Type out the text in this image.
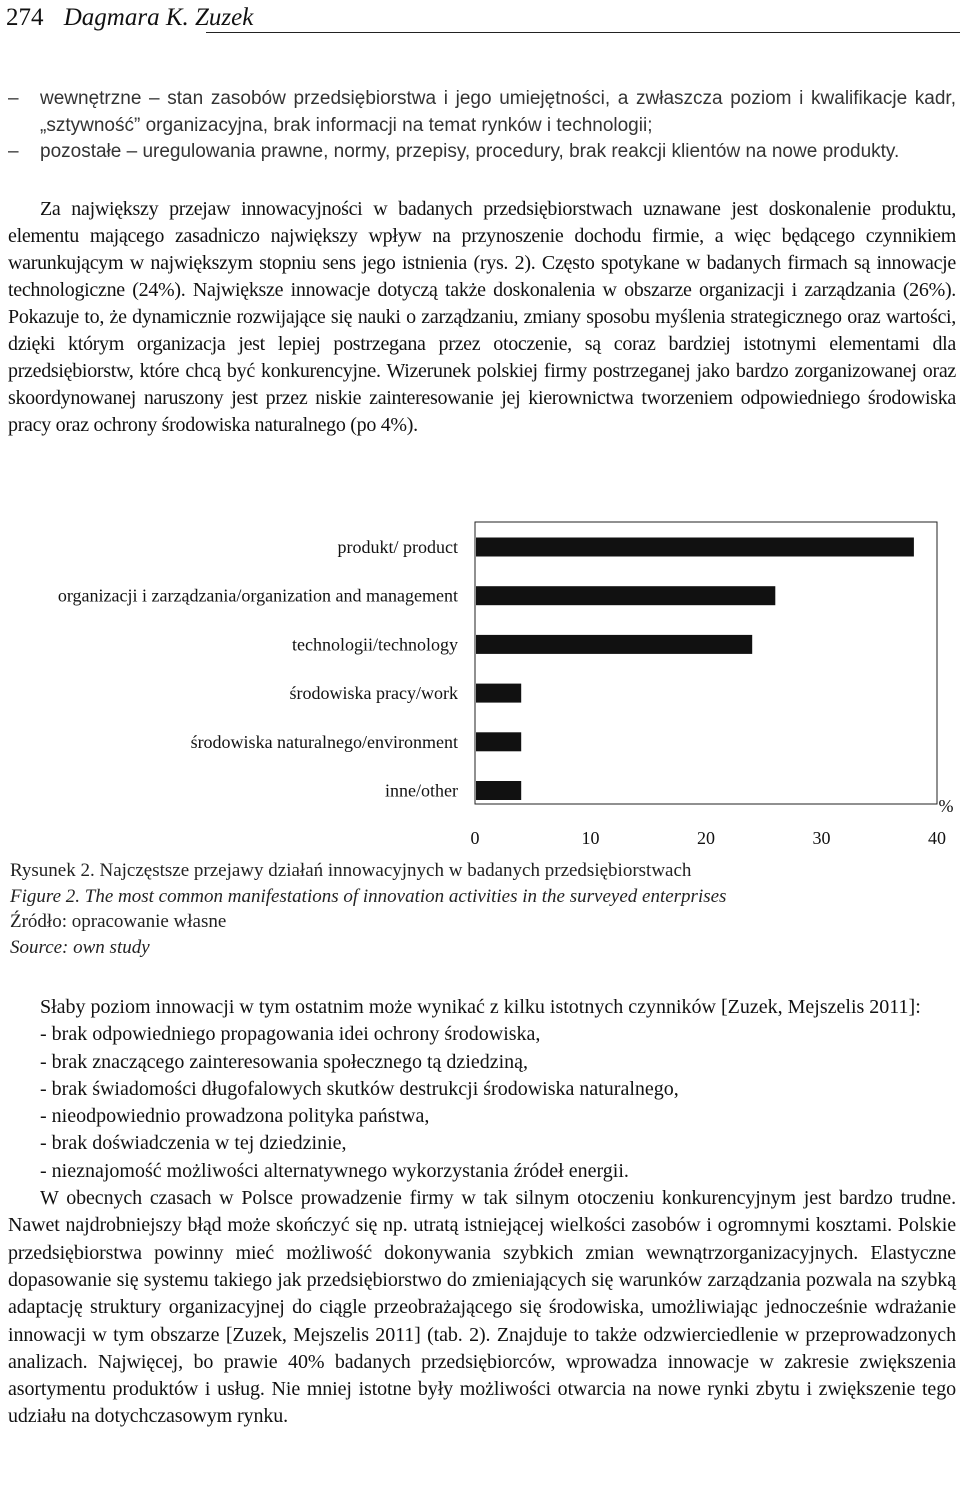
274 Dagmara K. Zuzek
– wewnętrzne – stan zasobów przedsiębiorstwa i jego umiejętności, a zwłaszcza poziom i kwalifikacje kadr, „sztywność” organizacyjna, brak informacji na temat rynków i technologii;
– pozostałe – uregulowania prawne, normy, przepisy, procedury, brak reakcji klientów na nowe produkty.
Za największy przejaw innowacyjności w badanych przedsiębiorstwach uznawane jest doskonalenie produktu, elementu mającego zasadniczo największy wpływ na przynoszenie dochodu firmie, a więc będącego czynnikiem warunkującym w największym stopniu sens jego istnienia (rys. 2). Często spotykane w badanych firmach są innowacje technologiczne (24%). Największe innowacje dotyczą także doskonalenia w obszarze organizacji i zarządzania (26%). Pokazuje to, że dynamicznie rozwijające się nauki o zarządzaniu, zmiany sposobu myślenia strategicznego oraz wartości, dzięki którym organizacja jest lepiej postrzegana przez otoczenie, są coraz bardziej istotnymi elementami dla przedsiębiorstw, które chcą być konkurencyjne. Wizerunek polskiej firmy postrzeganej jako bardzo zorganizowanej oraz skoordynowanej naruszony jest przez niskie zainteresowanie jej kierownictwa tworzeniem odpowiedniego środowiska pracy oraz ochrony środowiska naturalnego (po 4%).
produkt/ product
organizacji i zarządzania/organization and management
technologii/technology
środowiska pracy/work
środowiska naturalnego/environment
inne/other
0	10	20	30	40
%
Rysunek 2. Najczęstsze przejawy działań innowacyjnych w badanych przedsiębiorstwach
Figure 2. The most common manifestations of innovation activities in the surveyed enterprises
Źródło: opracowanie własne
Source: own study
Słaby poziom innowacji w tym ostatnim może wynikać z kilku istotnych czynników [Zuzek, Mejszelis 2011]:
- brak odpowiedniego propagowania idei ochrony środowiska,
- brak znaczącego zainteresowania społecznego tą dziedziną,
- brak świadomości długofalowych skutków destrukcji środowiska naturalnego,
- nieodpowiednio prowadzona polityka państwa,
- brak doświadczenia w tej dziedzinie,
- nieznajomość możliwości alternatywnego wykorzystania źródeł energii.
W obecnych czasach w Polsce prowadzenie firmy w tak silnym otoczeniu konkurencyjnym jest bardzo trudne. Nawet najdrobniejszy błąd może skończyć się np. utratą istniejącej wielkości zasobów i ogromnymi kosztami. Polskie przedsiębiorstwa powinny mieć możliwość dokonywania szybkich zmian wewnątrzorganizacyjnych. Elastyczne dopasowanie się systemu takiego jak przedsiębiorstwo do zmieniających się warunków zarządzania pozwala na szybką adaptację struktury organizacyjnej do ciągle przeobrażającego się środowiska, umożliwiając jednocześnie wdrażanie innowacji w tym obszarze [Zuzek, Mejszelis 2011] (tab. 2). Znajduje to także odzwierciedlenie w przeprowadzonych analizach. Najwięcej, bo prawie 40% badanych przedsiębiorców, wprowadza innowacje w zakresie zwiększenia asortymentu produktów i usług. Nie mniej istotne były możliwości otwarcia na nowe rynki zbytu i zwiększenie tego udziału na dotychczasowym rynku.
